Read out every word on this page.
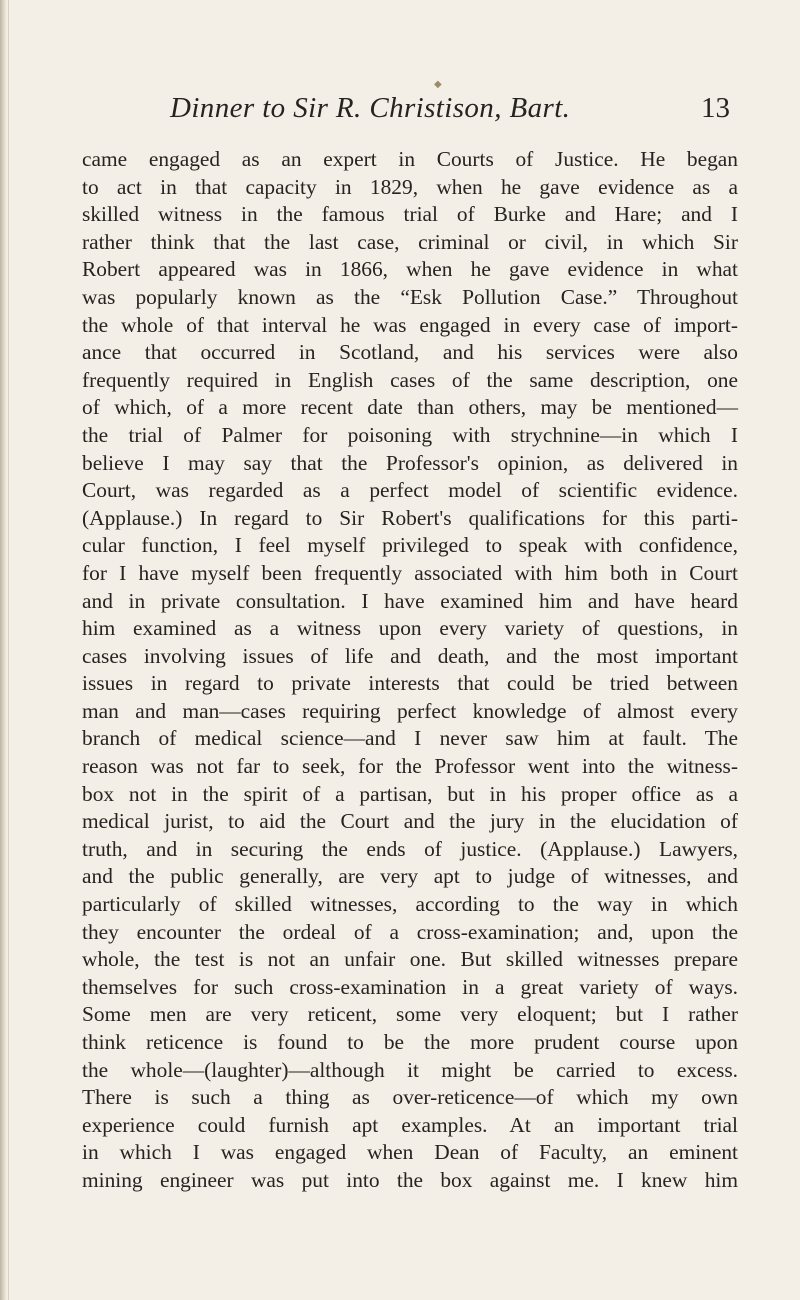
◆
Dinner to Sir R. Christison, Bart.	13
came engaged as an expert in Courts of Justice. He began
to act in that capacity in 1829, when he gave evidence as a
skilled witness in the famous trial of Burke and Hare; and I
rather think that the last case, criminal or civil, in which Sir
Robert appeared was in 1866, when he gave evidence in what
was popularly known as the “Esk Pollution Case.” Throughout
the whole of that interval he was engaged in every case of import-
ance that occurred in Scotland, and his services were also
frequently required in English cases of the same description, one
of which, of a more recent date than others, may be mentioned—
the trial of Palmer for poisoning with strychnine—in which I
believe I may say that the Professor's opinion, as delivered in
Court, was regarded as a perfect model of scientific evidence.
(Applause.) In regard to Sir Robert's qualifications for this parti-
cular function, I feel myself privileged to speak with confidence,
for I have myself been frequently associated with him both in Court
and in private consultation. I have examined him and have heard
him examined as a witness upon every variety of questions, in
cases involving issues of life and death, and the most important
issues in regard to private interests that could be tried between
man and man—cases requiring perfect knowledge of almost every
branch of medical science—and I never saw him at fault. The
reason was not far to seek, for the Professor went into the witness-
box not in the spirit of a partisan, but in his proper office as a
medical jurist, to aid the Court and the jury in the elucidation of
truth, and in securing the ends of justice. (Applause.) Lawyers,
and the public generally, are very apt to judge of witnesses, and
particularly of skilled witnesses, according to the way in which
they encounter the ordeal of a cross-examination; and, upon the
whole, the test is not an unfair one. But skilled witnesses prepare
themselves for such cross-examination in a great variety of ways.
Some men are very reticent, some very eloquent; but I rather
think reticence is found to be the more prudent course upon
the whole—(laughter)—although it might be carried to excess.
There is such a thing as over-reticence—of which my own
experience could furnish apt examples. At an important trial
in which I was engaged when Dean of Faculty, an eminent
mining engineer was put into the box against me. I knew him
